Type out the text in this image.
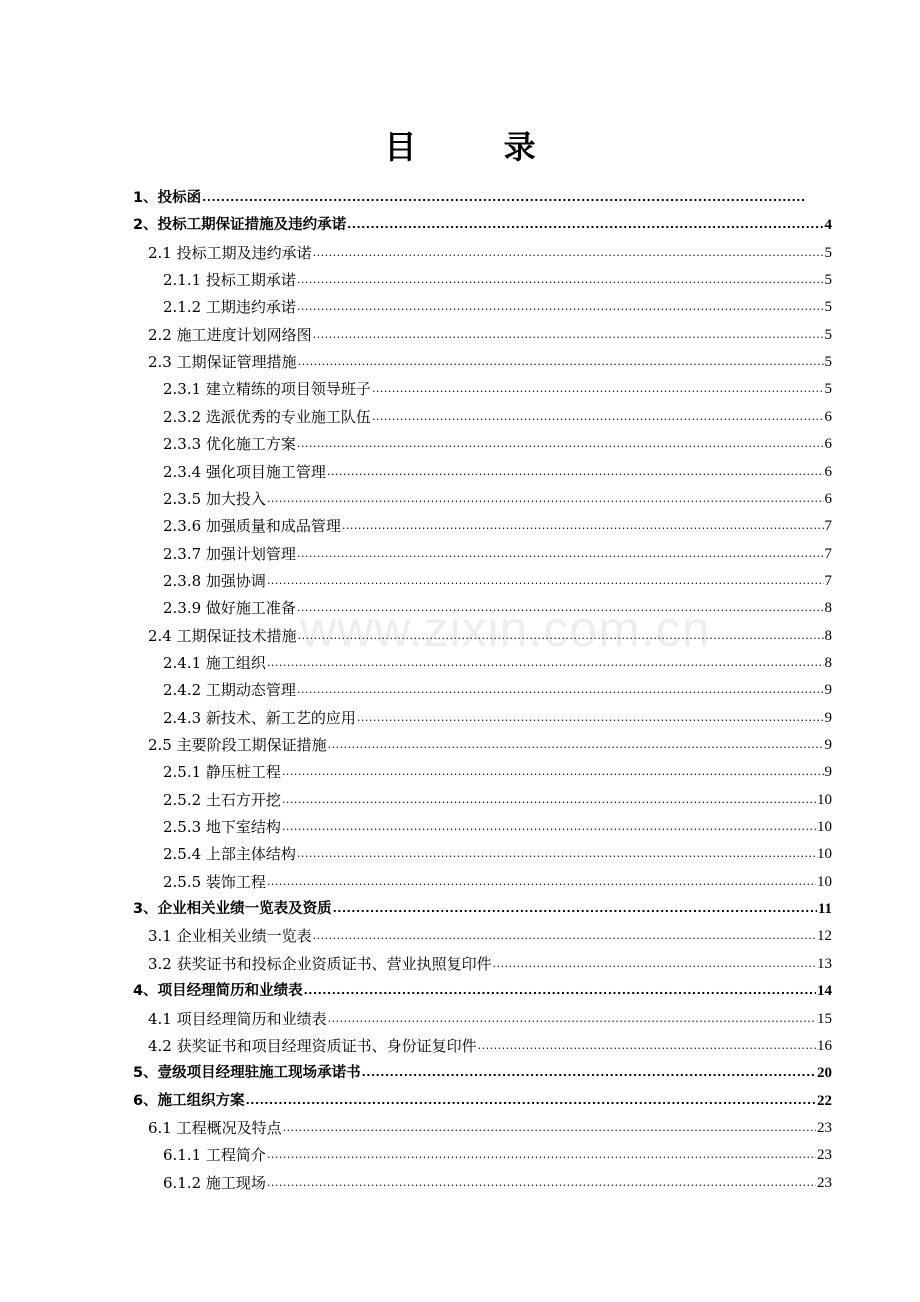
目 录
www.zixin.com.cn
1、投标函
.....
2、投标工期保证措施及违约承诺 .....	4
2.1 投标工期及违约承诺 .....	5
2.1.1 投标工期承诺 .....	5
2.1.2 工期违约承诺 .....	5
2.2 施工进度计划网络图 .....	5
2.3 工期保证管理措施 .....	5
2.3.1 建立精练的项目领导班子 .....	5
2.3.2 选派优秀的专业施工队伍 .....	6
2.3.3 优化施工方案 .....	6
2.3.4 强化项目施工管理 .....	6
2.3.5 加大投入 .....	6
2.3.6 加强质量和成品管理 .....	7
2.3.7 加强计划管理 .....	7
2.3.8 加强协调 .....	7
2.3.9 做好施工准备 .....	8
2.4 工期保证技术措施 .....	8
2.4.1 施工组织 .....	8
2.4.2 工期动态管理 .....	9
2.4.3 新技术、新工艺的应用 .....	9
2.5 主要阶段工期保证措施 .....	9
2.5.1 静压桩工程 .....	9
2.5.2 土石方开挖 .....	10
2.5.3 地下室结构 .....	10
2.5.4 上部主体结构 .....	10
2.5.5 装饰工程 .....	10
3、企业相关业绩一览表及资质 .....	11
3.1 企业相关业绩一览表 .....	12
3.2 获奖证书和投标企业资质证书、营业执照复印件 .....	13
4、项目经理简历和业绩表 .....	14
4.1 项目经理简历和业绩表 .....	15
4.2 获奖证书和项目经理资质证书、身份证复印件 .....	16
5、壹级项目经理驻施工现场承诺书 .....	20
6、施工组织方案 .....	22
6.1 工程概况及特点 .....	23
6.1.1 工程简介 .....	23
6.1.2 施工现场 .....	23
